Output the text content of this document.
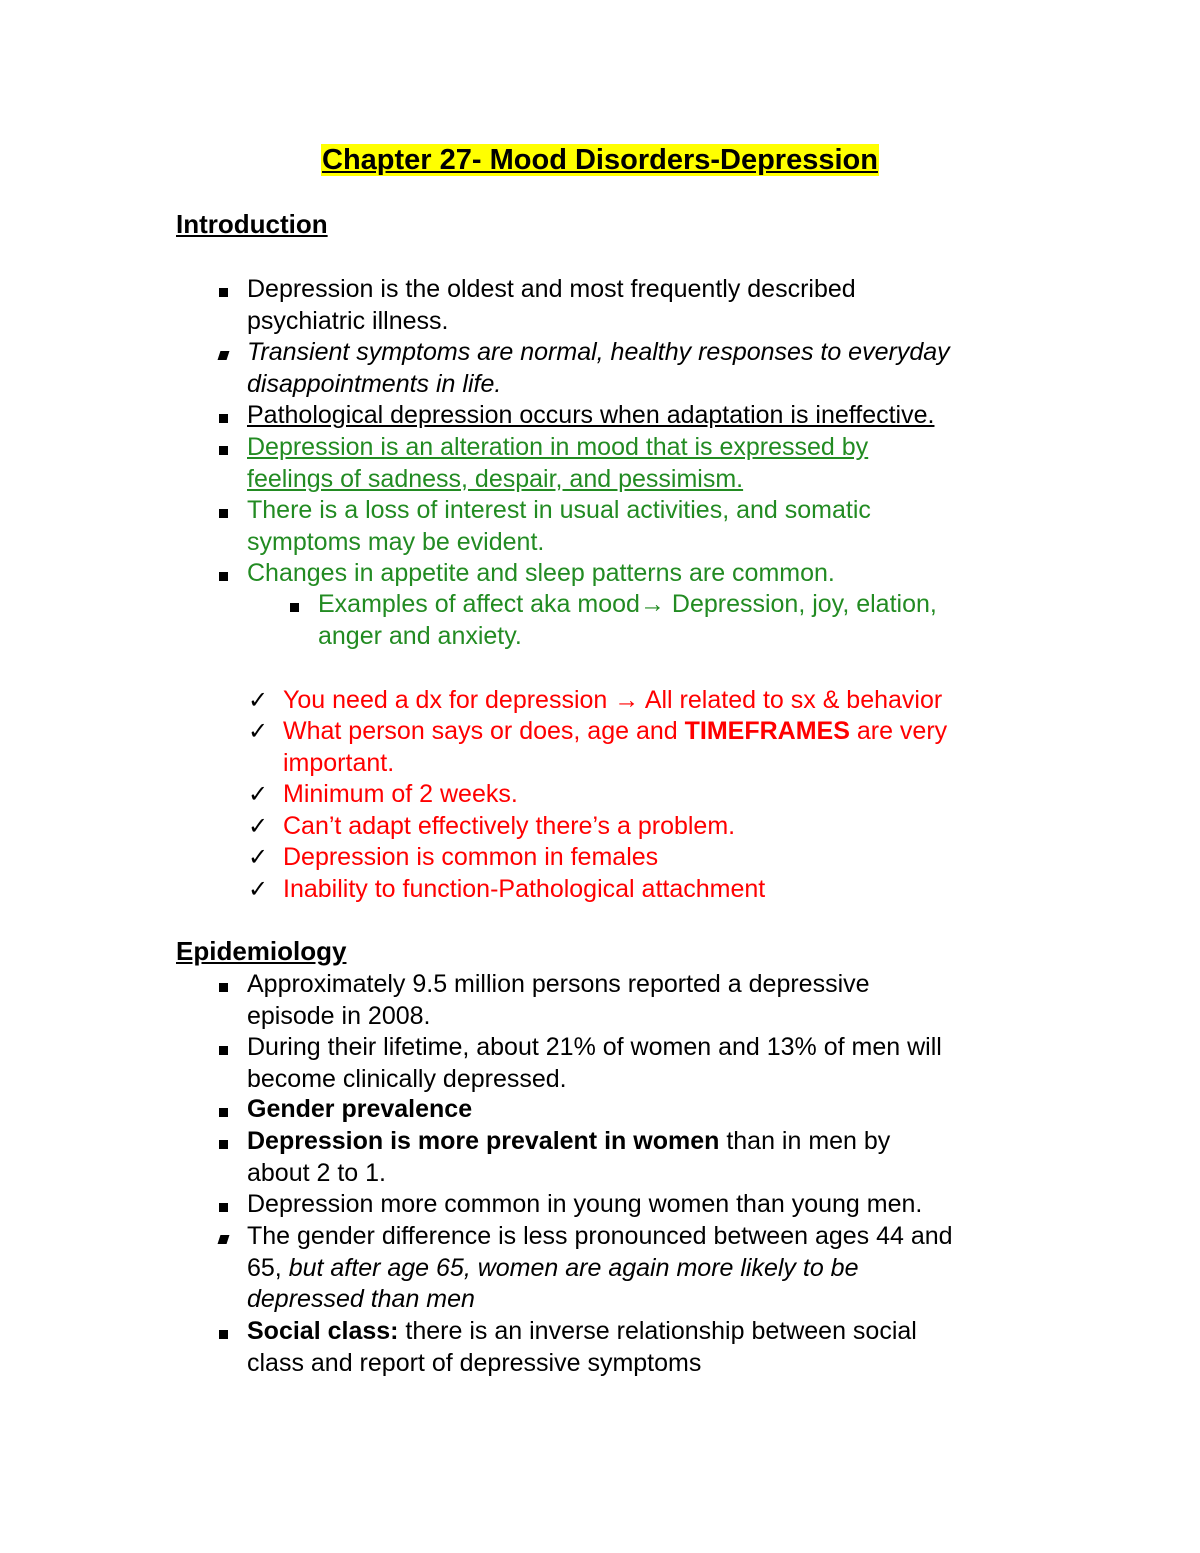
Chapter 27- Mood Disorders-Depression
Introduction
Depression is the oldest and most frequently described
psychiatric illness.
Transient symptoms are normal, healthy responses to everyday
disappointments in life.
Pathological depression occurs when adaptation is ineffective.
Depression is an alteration in mood that is expressed by
feelings of sadness, despair, and pessimism.
There is a loss of interest in usual activities, and somatic
symptoms may be evident.
Changes in appetite and sleep patterns are common.
Examples of affect aka mood→ Depression, joy, elation,
anger and anxiety.
✓ You need a dx for depression → All related to sx & behavior
✓ What person says or does, age and TIMEFRAMES are very
important.
✓ Minimum of 2 weeks.
✓ Can’t adapt effectively there’s a problem.
✓ Depression is common in females
✓ Inability to function-Pathological attachment
Epidemiology
Approximately 9.5 million persons reported a depressive
episode in 2008.
During their lifetime, about 21% of women and 13% of men will
become clinically depressed.
Gender prevalence
Depression is more prevalent in women than in men by
about 2 to 1.
Depression more common in young women than young men.
The gender difference is less pronounced between ages 44 and
65, but after age 65, women are again more likely to be
depressed than men
Social class: there is an inverse relationship between social
class and report of depressive symptoms
